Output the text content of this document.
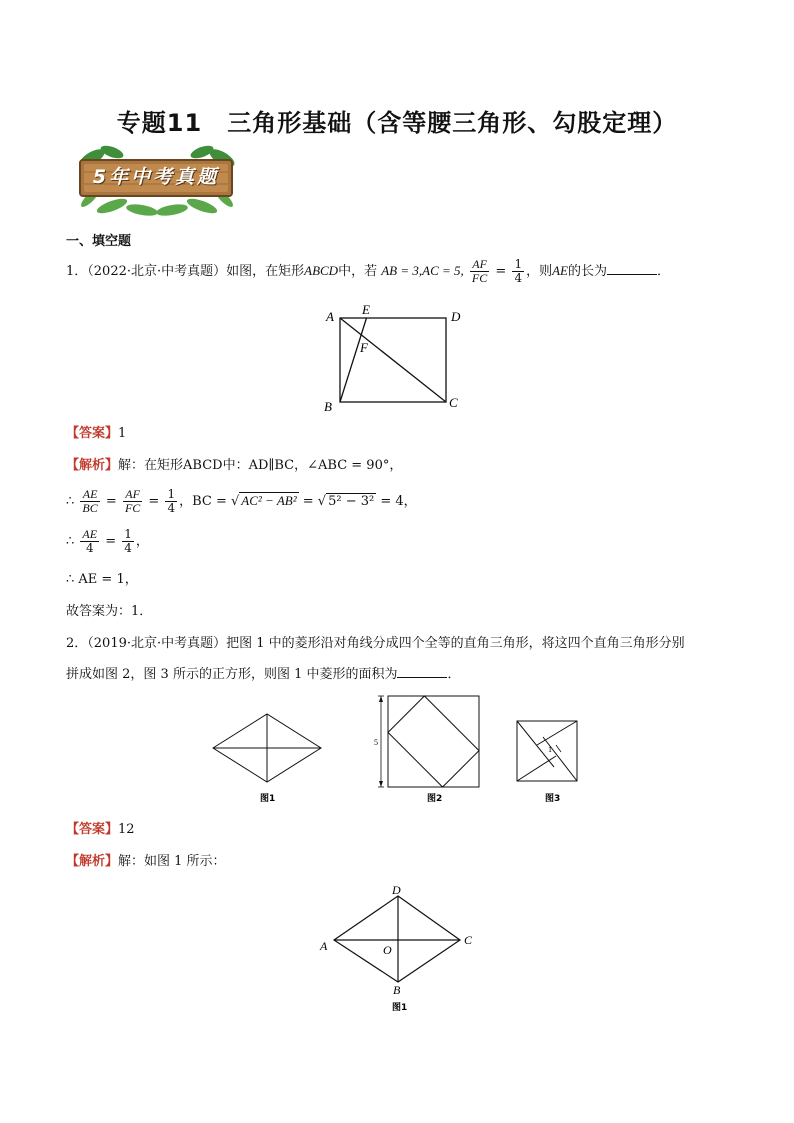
专题11　三角形基础（含等腰三角形、勾股定理）
5年中考真题
一、填空题
1．（2022·北京·中考真题）如图，在矩形ABCD中，若 AB = 3,AC = 5, $\frac{AF}{FC} = \frac{1}{4}$ ，则AE的长为	．
A E	D
F
B	C
【答案】1
【解析】解：在矩形ABCD中：AD∥BC，∠ABC = 90°，
∴ $\frac{AE}{BC} = \frac{AF}{FC} = \frac{1}{4}$ ，BC = √ AC² − AB² = √ 5² − 3² = 4，
∴ $\frac{AE}{4} = \frac{1}{4}$ ，
∴ AE = 1，
故答案为：1．
2．（2019·北京·中考真题）把图 1 中的菱形沿对角线分成四个全等的直角三角形，将这四个直角三角形分别
拼成如图 2，图 3 所示的正方形，则图 1 中菱形的面积为	．
图1
5
图2
1
图3
【答案】12
【解析】解：如图 1 所示：
D
A	C
O
B
图1
